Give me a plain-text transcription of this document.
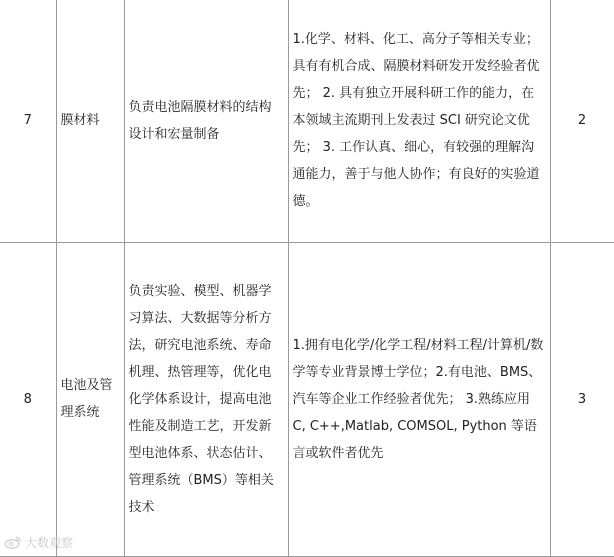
7	膜材料	负责电池隔膜材料的结构设计和宏量制备	1.化学、材料、化工、高分子等相关专业；具有有机合成、隔膜材料研发开发经验者优先； 2. 具有独立开展科研工作的能力，在本领域主流期刊上发表过 SCI 研究论文优先； 3. 工作认真、细心，有较强的理解沟通能力，善于与他人协作；有良好的实验道德。	2
8	电池及管理系统	负责实验、模型、机器学习算法、大数据等分析方法，研究电池系统、寿命机理、热管理等，优化电化学体系设计，提高电池性能及制造工艺，开发新型电池体系、状态估计、管理系统（BMS）等相关技术	1.拥有电化学/化学工程/材料工程/计算机/数学等专业背景博士学位；2.有电池、BMS、汽车等企业工作经验者优先； 3.熟练应用 C, C++,Matlab, COMSOL, Python 等语言或软件者优先	3
大数观察
